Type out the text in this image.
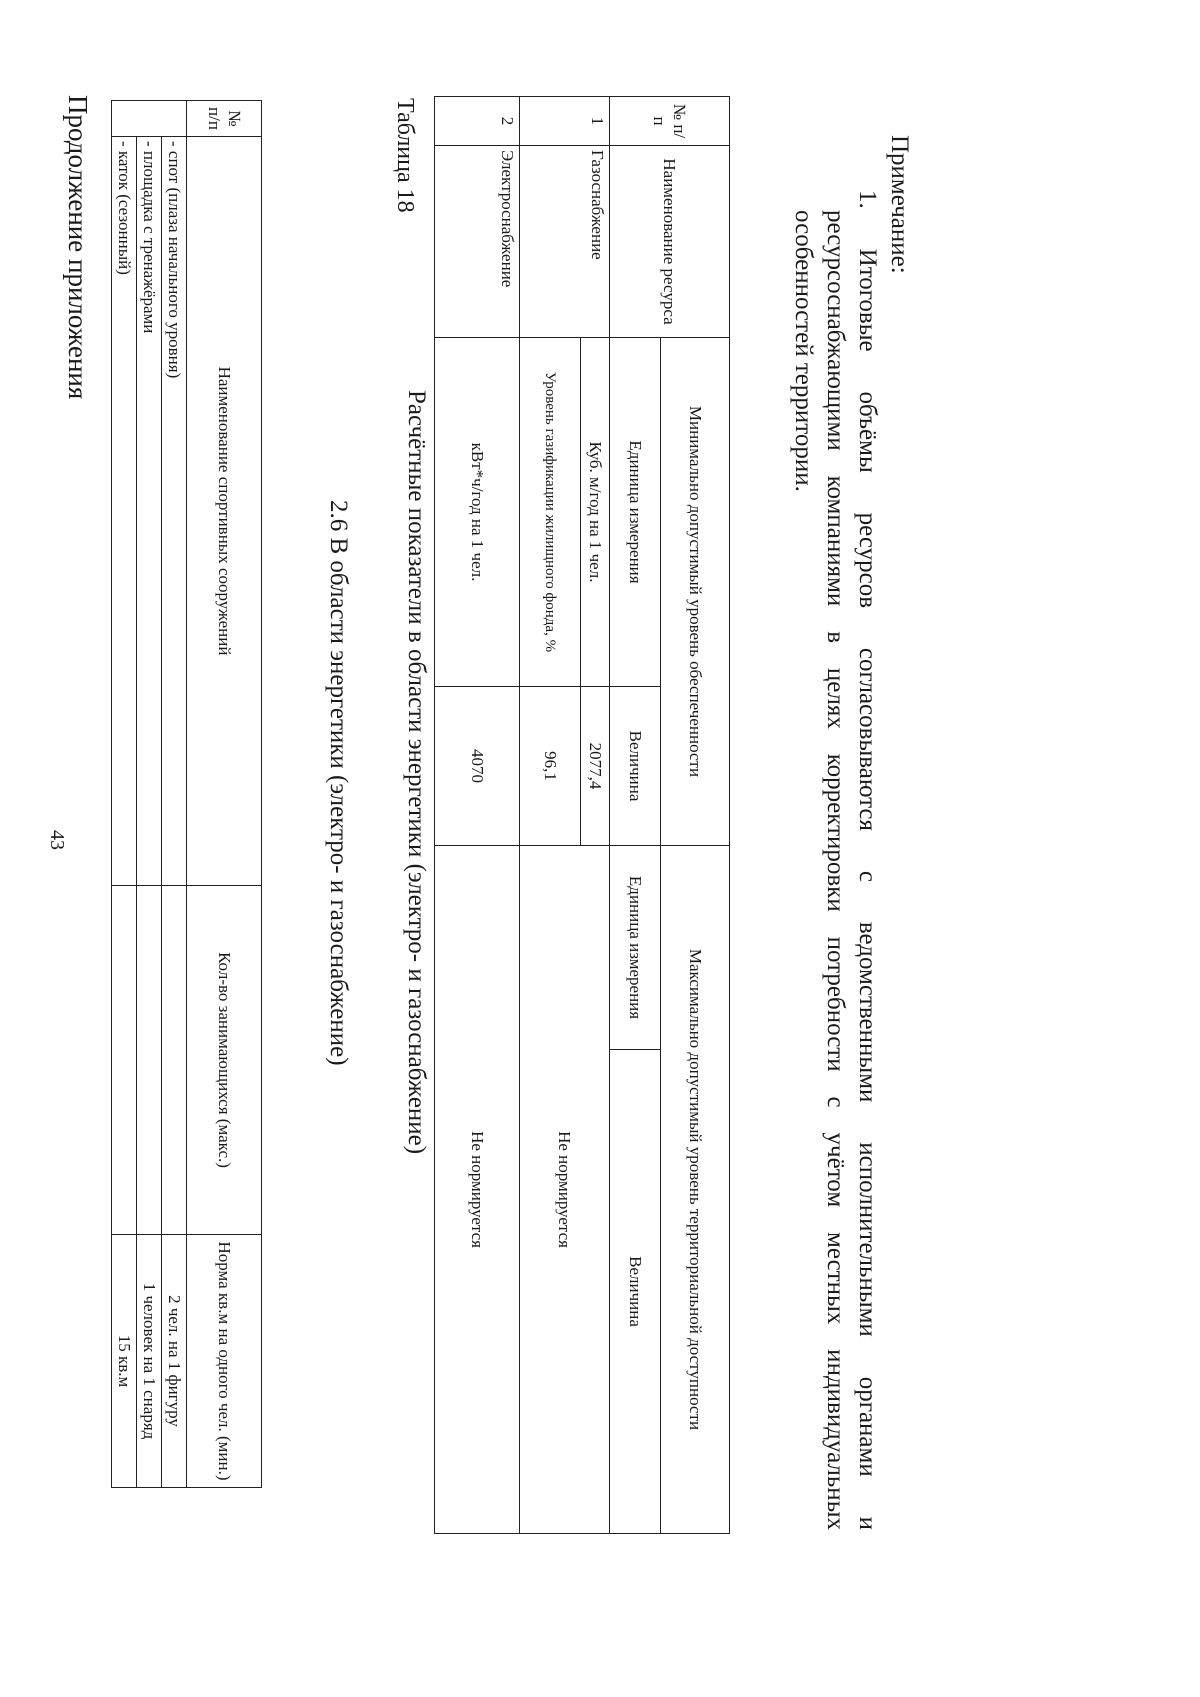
43
Продолжение приложения	№ п/п	Наименование спортивных сооружений	Кол-во занимающихся (макс.)	Норма кв.м на одного чел. (мин.)
	- спот (плаза начального уровня)		2 чел. на 1 фигуру
	- площадка с тренажёрами		1 человек на 1 снаряд
	- каток (сезонный)		15 кв.м
2.6 В области энергетики (электро- и газоснабжение)
Таблица 18
Расчётные показатели в области энергетики (электро- и газоснабжение)
№ п/п	Наименование ресурса	Минимально допустимый уровень обеспеченности		Максимально допустимый уровень территориальной доступности	
		Единица измерения	Величина	Единица измерения	Величина
1	Газоснабжение	Куб. м/год на 1 чел.	2077,4	Не нормируется	
		Уровень газификации жилищного фонда, %	96,1		
2	Электроснабжение	кВт*ч/год на 1 чел.	4070	Не нормируется	
Примечание:
1. Итоговые объёмы ресурсов согласовываются с ведомственными исполнительными органами и
ресурсоснабжающими компаниями в целях корректировки потребности с учётом местных индивидуальных
особенностей территории.
